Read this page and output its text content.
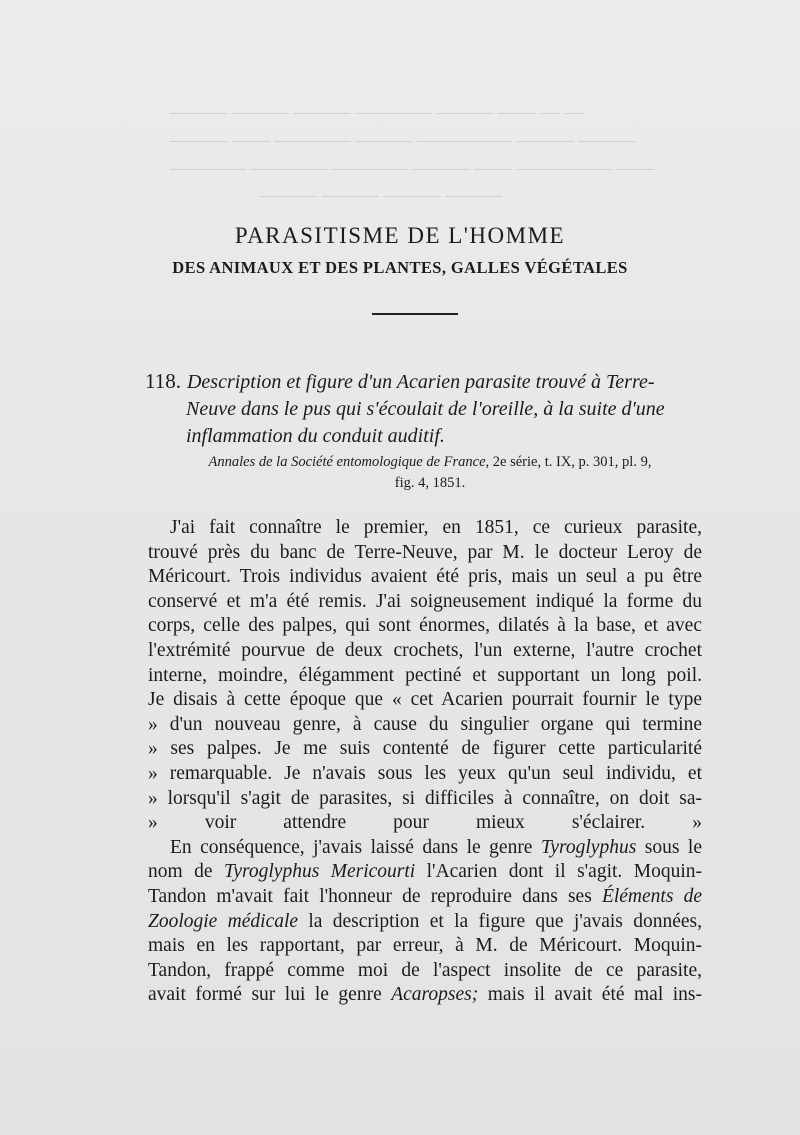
— — —— ——— ———— ——— ——— ———
——— ——— ————— ——— ———— —— ———
—— ————— —— ——— ———— ———— ————
——— ——— ——— ———
PARASITISME DE L'HOMME
DES ANIMAUX ET DES PLANTES, GALLES VÉGÉTALES
118. Description et figure d'un Acarien parasite trouvé à Terre-
Neuve dans le pus qui s'écoulait de l'oreille, à la suite d'une
inflammation du conduit auditif.
Annales de la Société entomologique de France, 2e série, t. IX, p. 301, pl. 9,
fig. 4, 1851.
J'ai fait connaître le premier, en 1851, ce curieux parasite,
trouvé près du banc de Terre-Neuve, par M. le docteur Leroy de
Méricourt. Trois individus avaient été pris, mais un seul a pu être
conservé et m'a été remis. J'ai soigneusement indiqué la forme du
corps, celle des palpes, qui sont énormes, dilatés à la base, et avec
l'extrémité pourvue de deux crochets, l'un externe, l'autre crochet
interne, moindre, élégamment pectiné et supportant un long poil.
Je disais à cette époque que « cet Acarien pourrait fournir le type
» d'un nouveau genre, à cause du singulier organe qui termine
» ses palpes. Je me suis contenté de figurer cette particularité
» remarquable. Je n'avais sous les yeux qu'un seul individu, et
» lorsqu'il s'agit de parasites, si difficiles à connaître, on doit sa-
» voir attendre pour mieux s'éclairer. »
En conséquence, j'avais laissé dans le genre Tyroglyphus sous le
nom de Tyroglyphus Mericourti l'Acarien dont il s'agit. Moquin-
Tandon m'avait fait l'honneur de reproduire dans ses Éléments de
Zoologie médicale la description et la figure que j'avais données,
mais en les rapportant, par erreur, à M. de Méricourt. Moquin-
Tandon, frappé comme moi de l'aspect insolite de ce parasite,
avait formé sur lui le genre Acaropses; mais il avait été mal ins-
